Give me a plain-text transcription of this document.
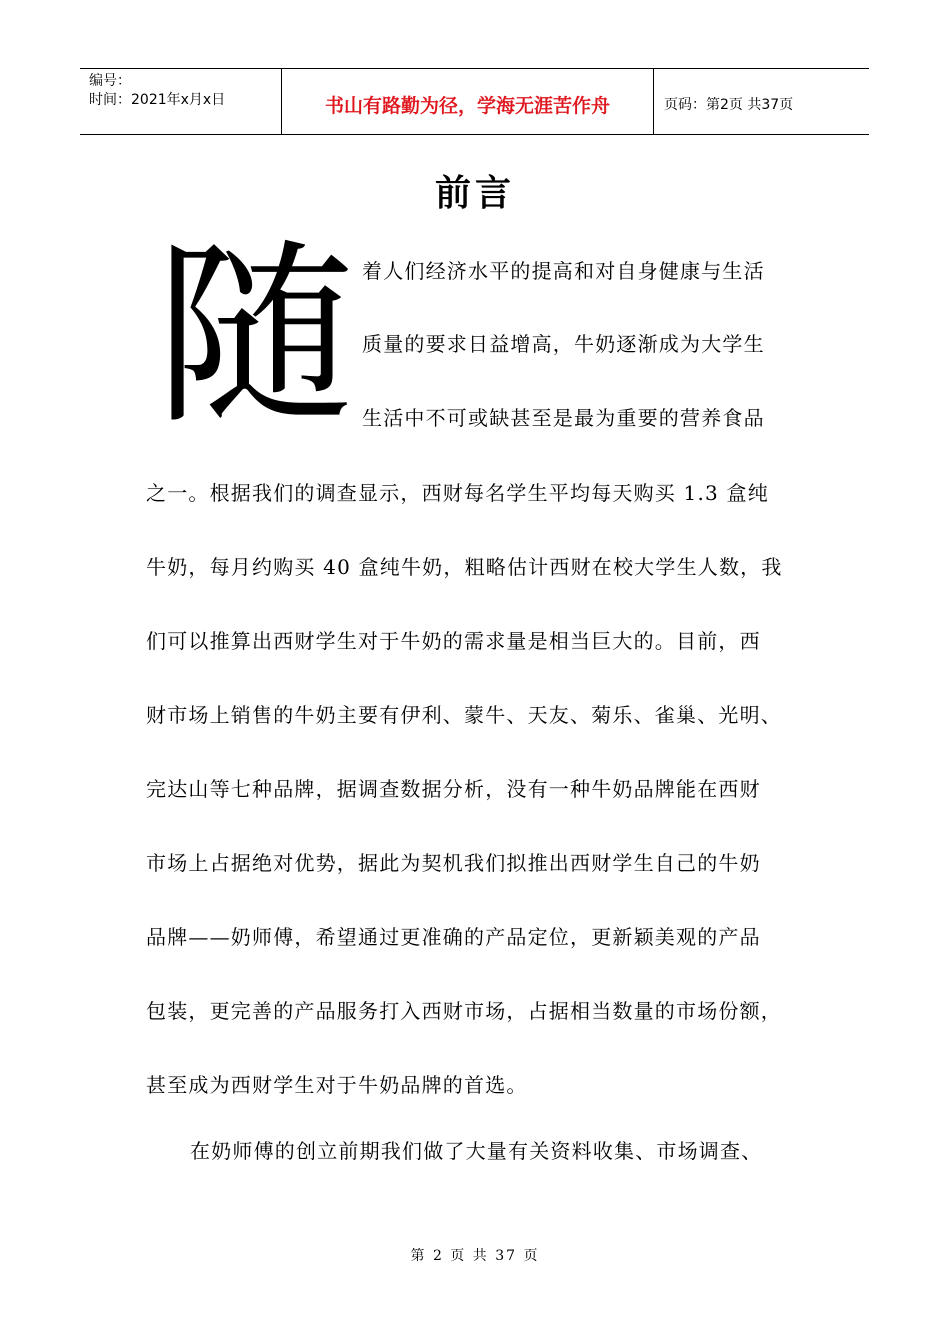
编号：
时间：2021年x月x日	书山有路勤为径，学海无涯苦作舟	页码：第2页 共37页
前言
随 着人们经济水平的提高和对自身健康与生活
质量的要求日益增高，牛奶逐渐成为大学生
生活中不可或缺甚至是最为重要的营养食品
之一。根据我们的调查显示，西财每名学生平均每天购买 1.3 盒纯
牛奶，每月约购买 40 盒纯牛奶，粗略估计西财在校大学生人数，我
们可以推算出西财学生对于牛奶的需求量是相当巨大的。目前，西
财市场上销售的牛奶主要有伊利、蒙牛、天友、菊乐、雀巢、光明、
完达山等七种品牌，据调查数据分析，没有一种牛奶品牌能在西财
市场上占据绝对优势，据此为契机我们拟推出西财学生自己的牛奶
品牌——奶师傅，希望通过更准确的产品定位，更新颖美观的产品
包装，更完善的产品服务打入西财市场，占据相当数量的市场份额，
甚至成为西财学生对于牛奶品牌的首选。
在奶师傅的创立前期我们做了大量有关资料收集、市场调查、
第 2 页 共 37 页
